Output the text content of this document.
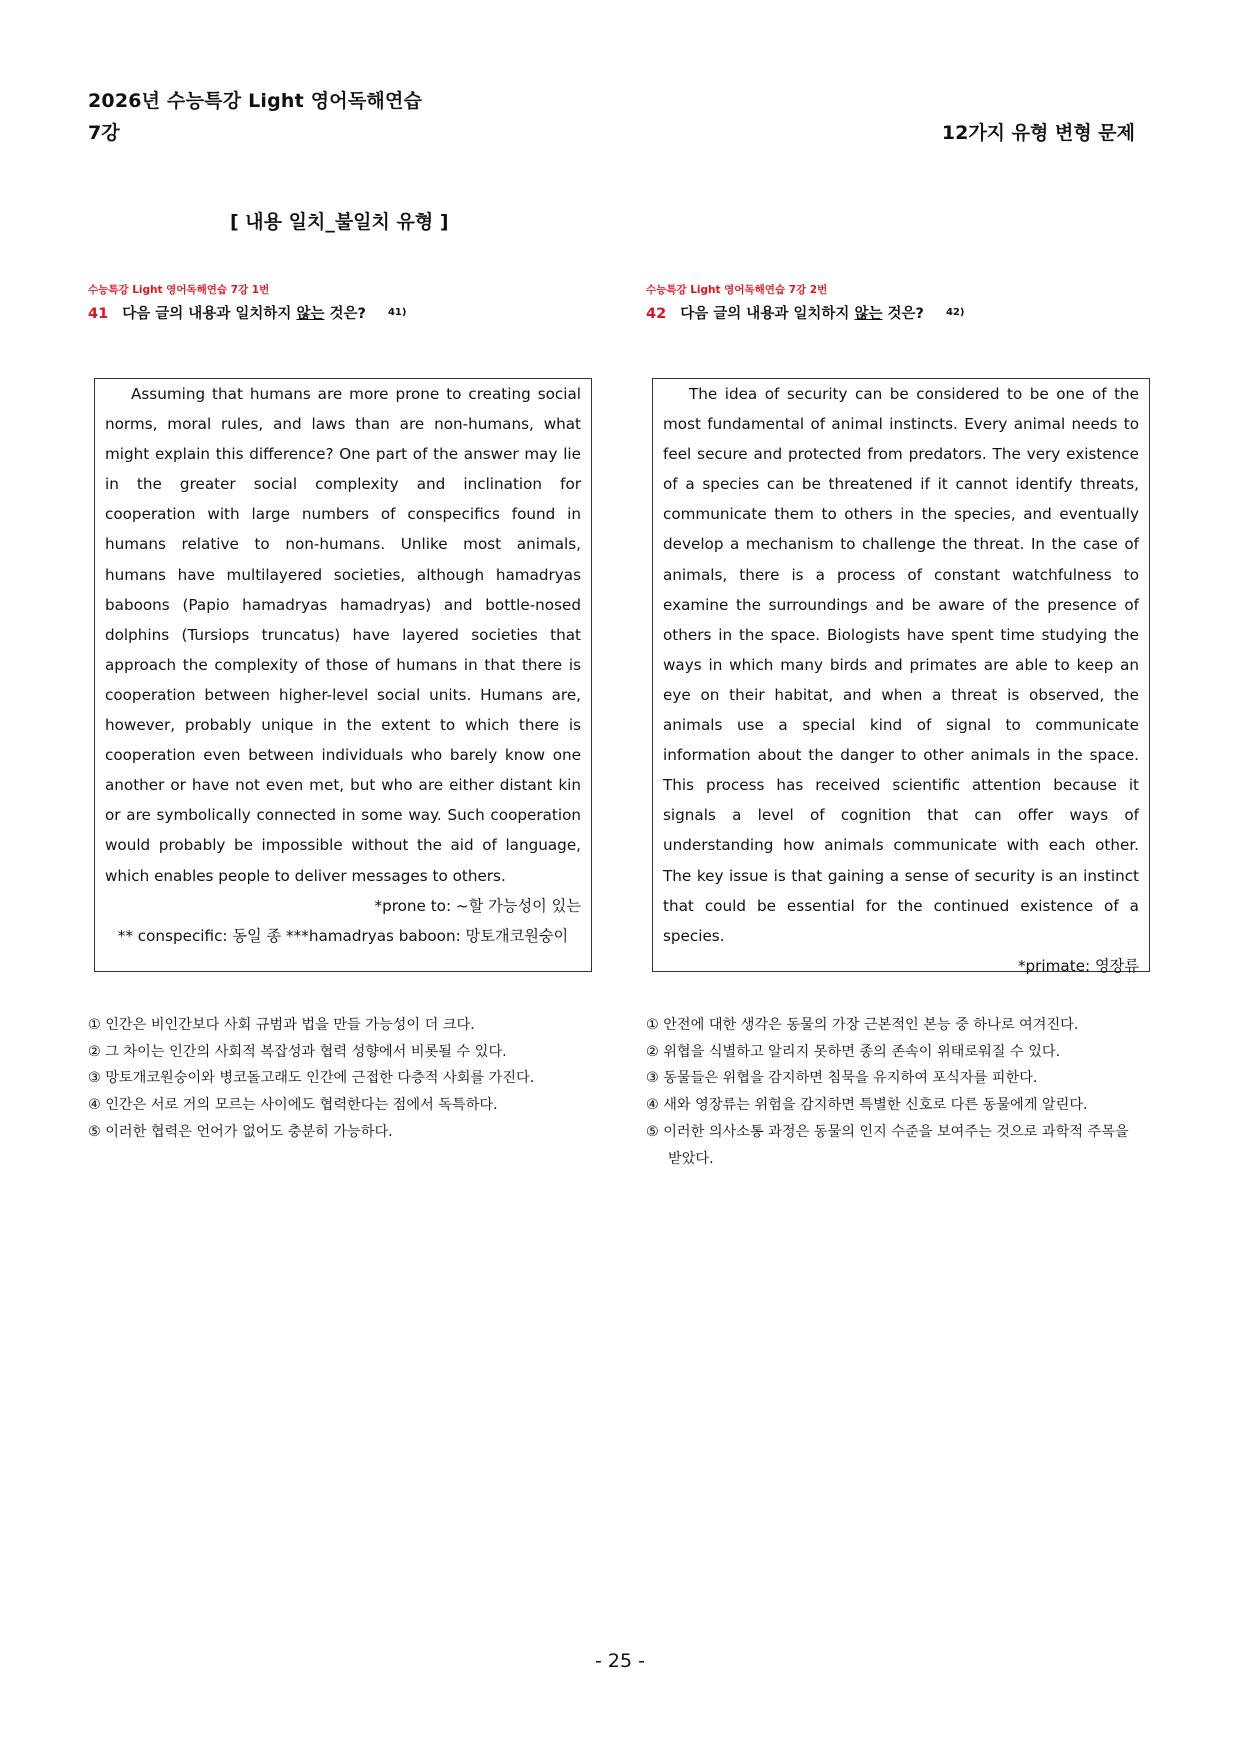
2026년 수능특강 Light 영어독해연습
7강	12가지 유형 변형 문제
[ 내용 일치_불일치 유형 ]
수능특강 Light 영어독해연습 7강 1번
41 다음 글의 내용과 일치하지 않는 것은? $^{41)}$

Assuming that humans are more prone to creating social norms, moral rules, and laws than are non-humans, what might explain this difference? One part of the answer may lie in the greater social complexity and inclination for cooperation with large numbers of conspecifics found in humans relative to non-humans. Unlike most animals, humans have multilayered societies, although hamadryas baboons (Papio hamadryas hamadryas) and bottle-nosed dolphins (Tursiops truncatus) have layered societies that approach the complexity of those of humans in that there is cooperation between higher-level social units. Humans are, however, probably unique in the extent to which there is cooperation even between individuals who barely know one another or have not even met, but who are either distant kin or are symbolically connected in some way. Such cooperation would probably be impossible without the aid of language, which enables people to deliver messages to others.

*prone to: ~할 가능성이 있는

** conspecific: 동일 종 ***hamadryas baboon: 망토개코원숭이

① 인간은 비인간보다 사회 규범과 법을 만들 가능성이 더 크다.
② 그 차이는 인간의 사회적 복잡성과 협력 성향에서 비롯될 수 있다.
③ 망토개코원숭이와 병코돌고래도 인간에 근접한 다층적 사회를 가진다.
④ 인간은 서로 거의 모르는 사이에도 협력한다는 점에서 독특하다.
⑤ 이러한 협력은 언어가 없어도 충분히 가능하다.
수능특강 Light 영어독해연습 7강 2번
42 다음 글의 내용과 일치하지 않는 것은? $^{42)}$

The idea of security can be considered to be one of the most fundamental of animal instincts. Every animal needs to feel secure and protected from predators. The very existence of a species can be threatened if it cannot identify threats, communicate them to others in the species, and eventually develop a mechanism to challenge the threat. In the case of animals, there is a process of constant watchfulness to examine the surroundings and be aware of the presence of others in the space. Biologists have spent time studying the ways in which many birds and primates are able to keep an eye on their habitat, and when a threat is observed, the animals use a special kind of signal to communicate information about the danger to other animals in the space. This process has received scientific attention because it signals a level of cognition that can offer ways of understanding how animals communicate with each other. The key issue is that gaining a sense of security is an instinct that could be essential for the continued existence of a species.

*primate: 영장류

① 안전에 대한 생각은 동물의 가장 근본적인 본능 중 하나로 여겨진다.
② 위협을 식별하고 알리지 못하면 종의 존속이 위태로워질 수 있다.
③ 동물들은 위협을 감지하면 침묵을 유지하여 포식자를 피한다.
④ 새와 영장류는 위험을 감지하면 특별한 신호로 다른 동물에게 알린다.
⑤ 이러한 의사소통 과정은 동물의 인지 수준을 보여주는 것으로 과학적 주목을 받았다.
- 25 -
